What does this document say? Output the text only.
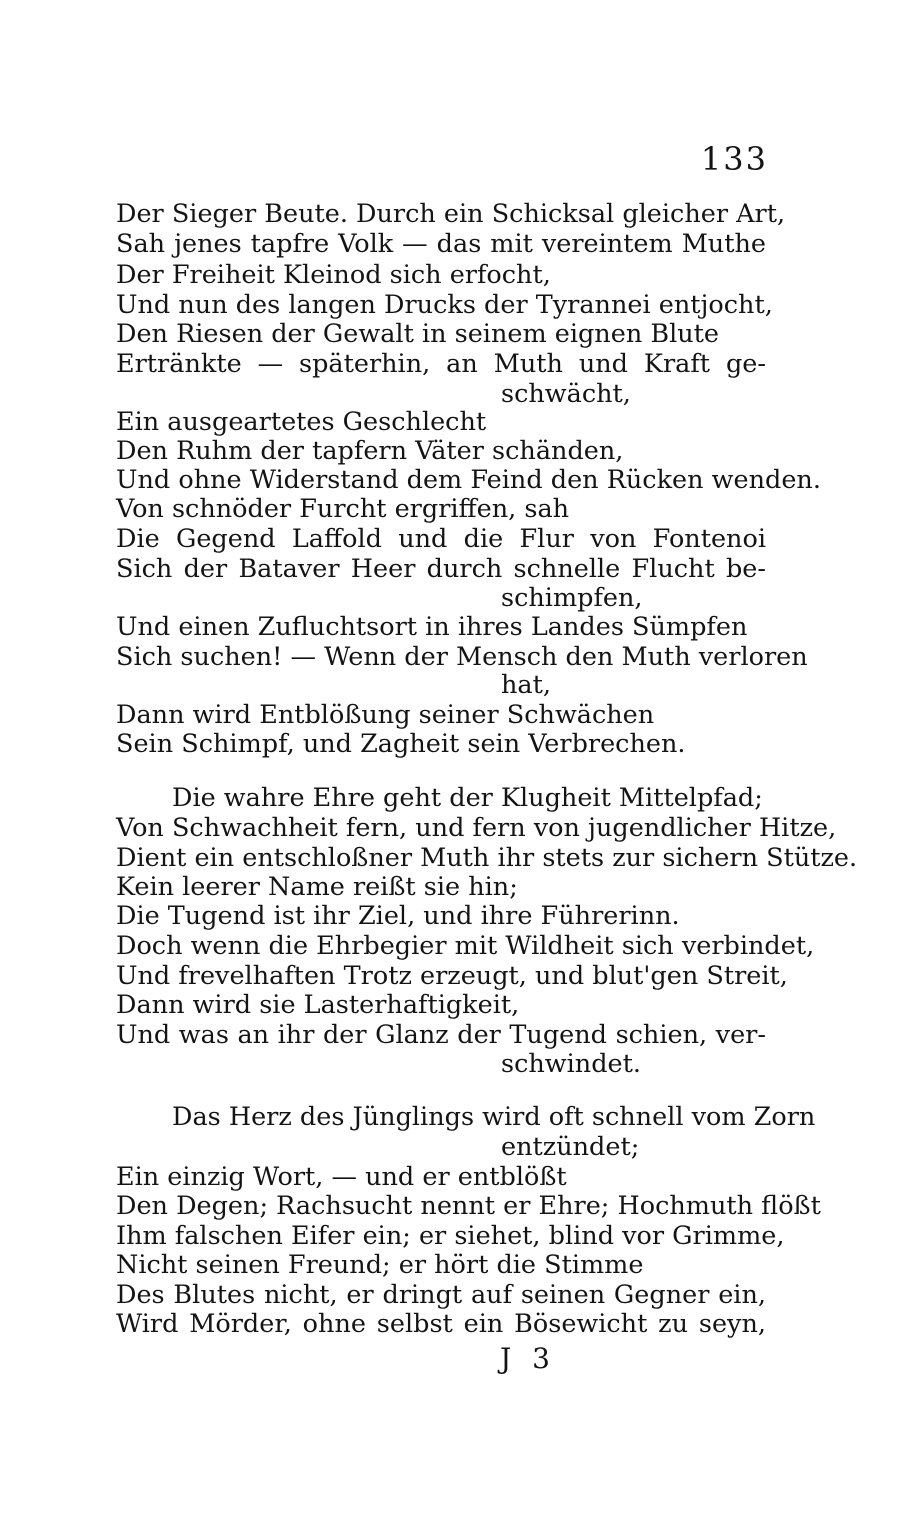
133
Der Sieger Beute. Durch ein Schicksal gleicher Art,
Sah jenes tapfre Volk — das mit vereintem Muthe
Der Freiheit Kleinod sich erfocht,
Und nun des langen Drucks der Tyrannei entjocht,
Den Riesen der Gewalt in seinem eignen Blute
Ertränkte — späterhin, an Muth und Kraft ge-
schwächt,
Ein ausgeartetes Geschlecht
Den Ruhm der tapfern Väter schänden,
Und ohne Widerstand dem Feind den Rücken wenden.
Von schnöder Furcht ergriffen, sah
Die Gegend Laffold und die Flur von Fontenoi
Sich der Bataver Heer durch schnelle Flucht be-
schimpfen,
Und einen Zufluchtsort in ihres Landes Sümpfen
Sich suchen! — Wenn der Mensch den Muth verloren
hat,
Dann wird Entblößung seiner Schwächen
Sein Schimpf, und Zagheit sein Verbrechen.
Die wahre Ehre geht der Klugheit Mittelpfad;
Von Schwachheit fern, und fern von jugendlicher Hitze,
Dient ein entschloßner Muth ihr stets zur sichern Stütze.
Kein leerer Name reißt sie hin;
Die Tugend ist ihr Ziel, und ihre Führerinn.
Doch wenn die Ehrbegier mit Wildheit sich verbindet,
Und frevelhaften Trotz erzeugt, und blut'gen Streit,
Dann wird sie Lasterhaftigkeit,
Und was an ihr der Glanz der Tugend schien, ver-
schwindet.
Das Herz des Jünglings wird oft schnell vom Zorn
entzündet;
Ein einzig Wort, — und er entblößt
Den Degen; Rachsucht nennt er Ehre; Hochmuth flößt
Ihm falschen Eifer ein; er siehet, blind vor Grimme,
Nicht seinen Freund; er hört die Stimme
Des Blutes nicht, er dringt auf seinen Gegner ein,
Wird Mörder, ohne selbst ein Bösewicht zu seyn,
J 3
